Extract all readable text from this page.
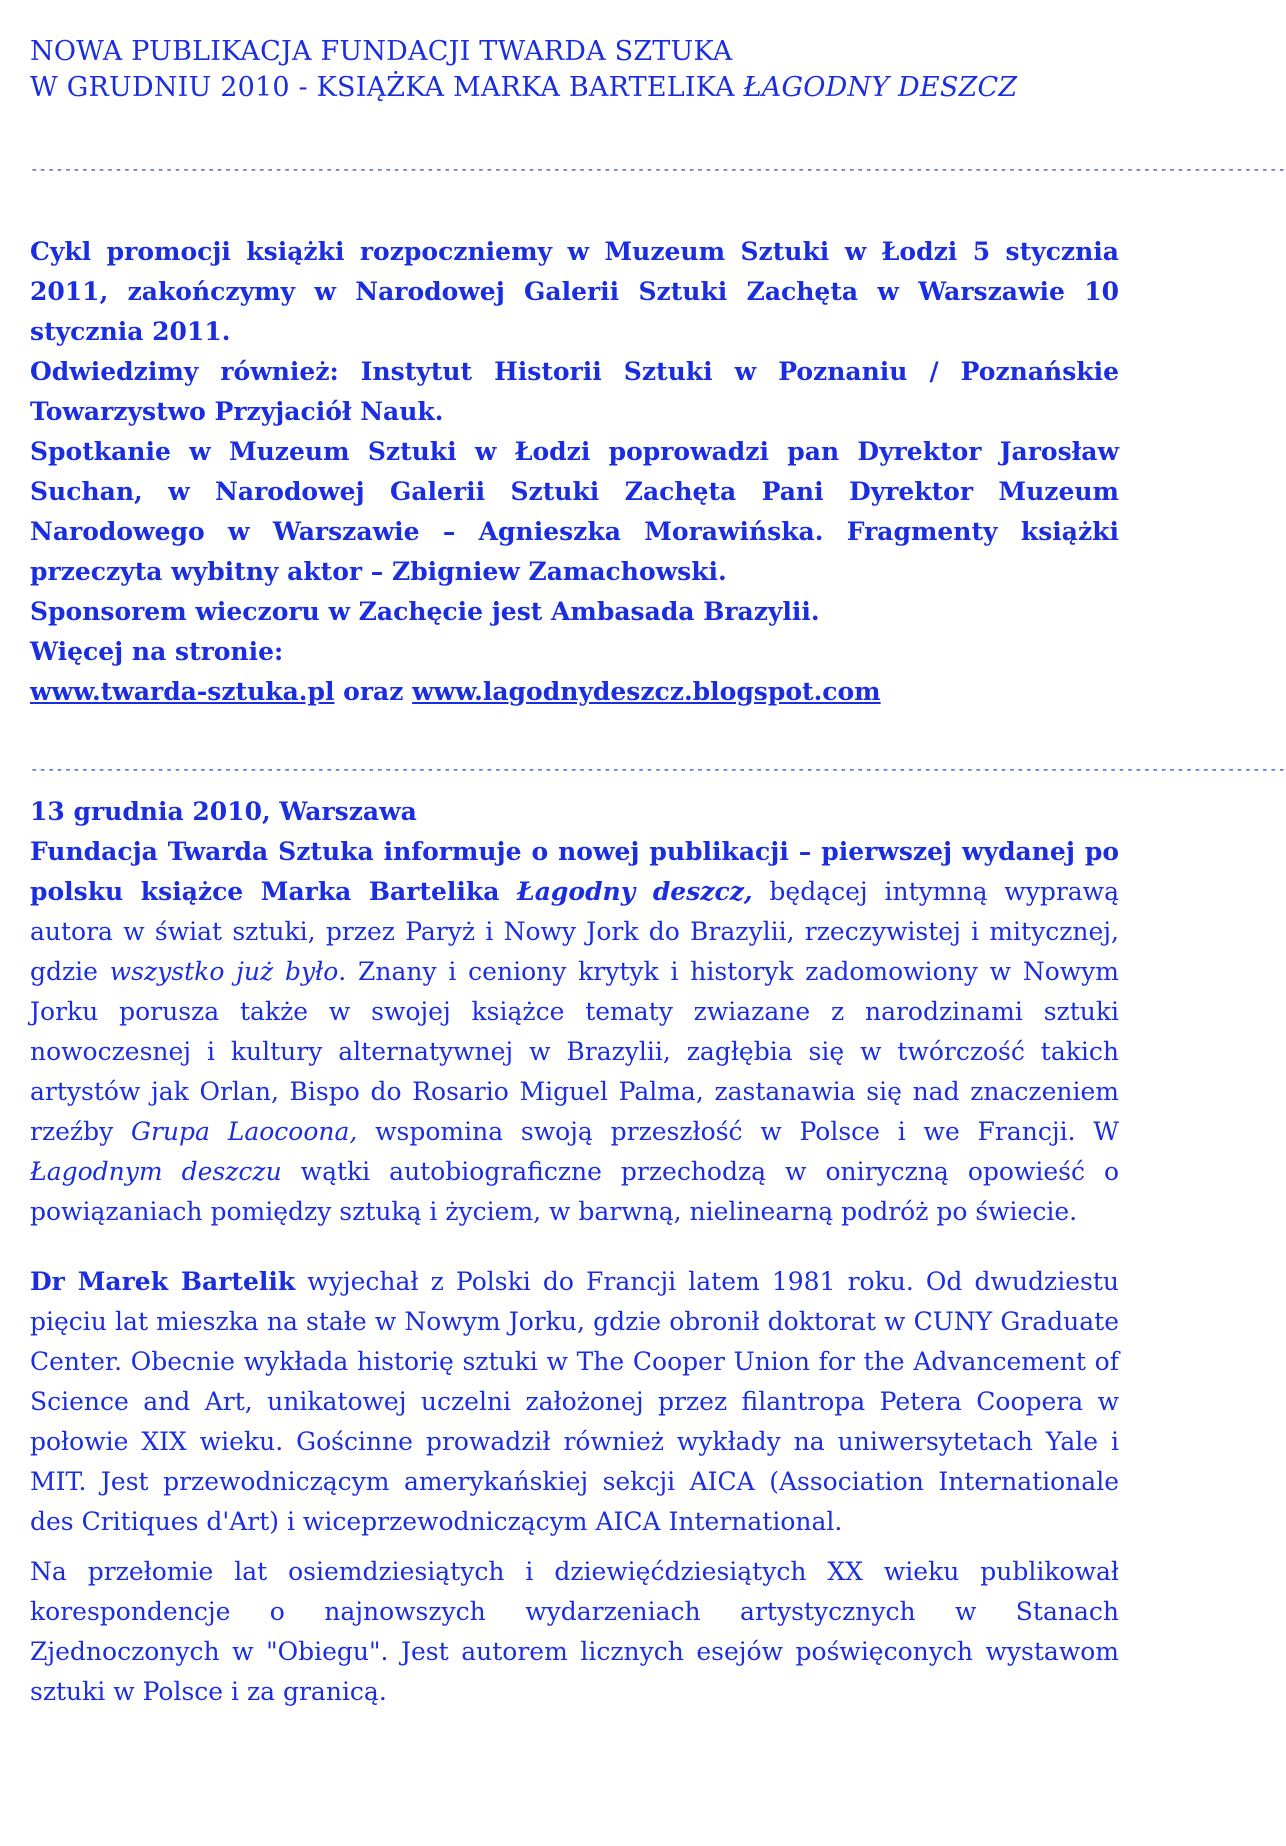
NOWA PUBLIKACJA FUNDACJI TWARDA SZTUKA
W GRUDNIU 2010 - KSIĄŻKA MARKA BARTELIKA ŁAGODNY DESZCZ
-----------------------------------------------------------------------------------------------------------------------------------------------------

Cykl promocji książki rozpoczniemy w Muzeum Sztuki w Łodzi 5 stycznia 2011, zakończymy w Narodowej Galerii Sztuki Zachęta w Warszawie 10 stycznia 2011.

Odwiedzimy również: Instytut Historii Sztuki w Poznaniu / Poznańskie Towarzystwo Przyjaciół Nauk.

Spotkanie w Muzeum Sztuki w Łodzi poprowadzi pan Dyrektor Jarosław Suchan, w Narodowej Galerii Sztuki Zachęta Pani Dyrektor Muzeum Narodowego w Warszawie – Agnieszka Morawińska. Fragmenty książki przeczyta wybitny aktor – Zbigniew Zamachowski.

Sponsorem wieczoru w Zachęcie jest Ambasada Brazylii.

Więcej na stronie:

www.twarda-sztuka.pl oraz www.lagodnydeszcz.blogspot.com

-----------------------------------------------------------------------------------------------------------------------------------------------------
13 grudnia 2010, Warszawa

Fundacja Twarda Sztuka informuje o nowej publikacji – pierwszej wydanej po polsku książce Marka Bartelika Łagodny deszcz, będącej intymną wyprawą autora w świat sztuki, przez Paryż i Nowy Jork do Brazylii, rzeczywistej i mitycznej, gdzie wszystko już było. Znany i ceniony krytyk i historyk zadomowiony w Nowym Jorku porusza także w swojej książce tematy zwiazane z narodzinami sztuki nowoczesnej i kultury alternatywnej w Brazylii, zagłębia się w twórczość takich artystów jak Orlan, Bispo do Rosario Miguel Palma, zastanawia się nad znaczeniem rzeźby Grupa Laocoona, wspomina swoją przeszłość w Polsce i we Francji. W Łagodnym deszczu wątki autobiograficzne przechodzą w oniryczną opowieść o powiązaniach pomiędzy sztuką i życiem, w barwną, nielinearną podróż po świecie.

Dr Marek Bartelik wyjechał z Polski do Francji latem 1981 roku. Od dwudziestu pięciu lat mieszka na stałe w Nowym Jorku, gdzie obronił doktorat w CUNY Graduate Center. Obecnie wykłada historię sztuki w The Cooper Union for the Advancement of Science and Art, unikatowej uczelni założonej przez filantropa Petera Coopera w połowie XIX wieku. Gościnne prowadził również wykłady na uniwersytetach Yale i MIT. Jest przewodniczącym amerykańskiej sekcji AICA (Association Internationale des Critiques d'Art) i wiceprzewodniczącym AICA International.

Na przełomie lat osiemdziesiątych i dziewięćdziesiątych XX wieku publikował korespondencje o najnowszych wydarzeniach artystycznych w Stanach Zjednoczonych w "Obiegu". Jest autorem licznych esejów poświęconych wystawom sztuki w Polsce i za granicą.
